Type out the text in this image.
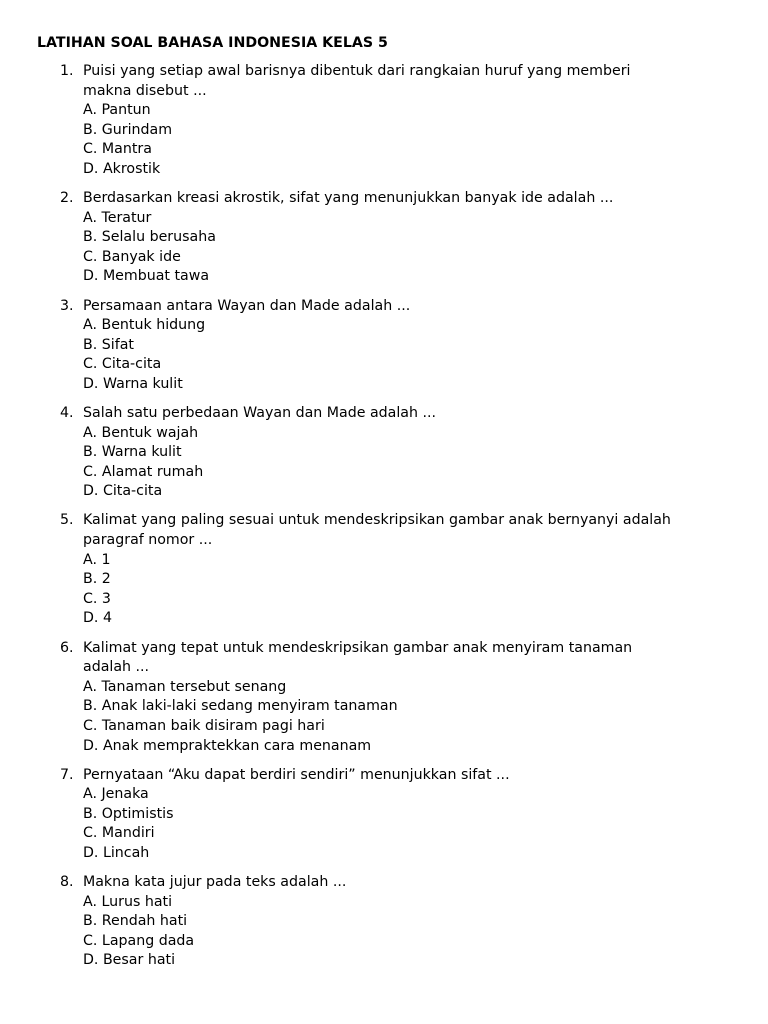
LATIHAN SOAL BAHASA INDONESIA KELAS 5
1. Puisi yang setiap awal barisnya dibentuk dari rangkaian huruf yang memberi
makna disebut ...
A. Pantun
B. Gurindam
C. Mantra
D. Akrostik
2. Berdasarkan kreasi akrostik, sifat yang menunjukkan banyak ide adalah ...
A. Teratur
B. Selalu berusaha
C. Banyak ide
D. Membuat tawa
3. Persamaan antara Wayan dan Made adalah ...
A. Bentuk hidung
B. Sifat
C. Cita-cita
D. Warna kulit
4. Salah satu perbedaan Wayan dan Made adalah ...
A. Bentuk wajah
B. Warna kulit
C. Alamat rumah
D. Cita-cita
5. Kalimat yang paling sesuai untuk mendeskripsikan gambar anak bernyanyi adalah
paragraf nomor ...
A. 1
B. 2
C. 3
D. 4
6. Kalimat yang tepat untuk mendeskripsikan gambar anak menyiram tanaman
adalah ...
A. Tanaman tersebut senang
B. Anak laki-laki sedang menyiram tanaman
C. Tanaman baik disiram pagi hari
D. Anak mempraktekkan cara menanam
7. Pernyataan “Aku dapat berdiri sendiri” menunjukkan sifat ...
A. Jenaka
B. Optimistis
C. Mandiri
D. Lincah
8. Makna kata jujur pada teks adalah ...
A. Lurus hati
B. Rendah hati
C. Lapang dada
D. Besar hati
